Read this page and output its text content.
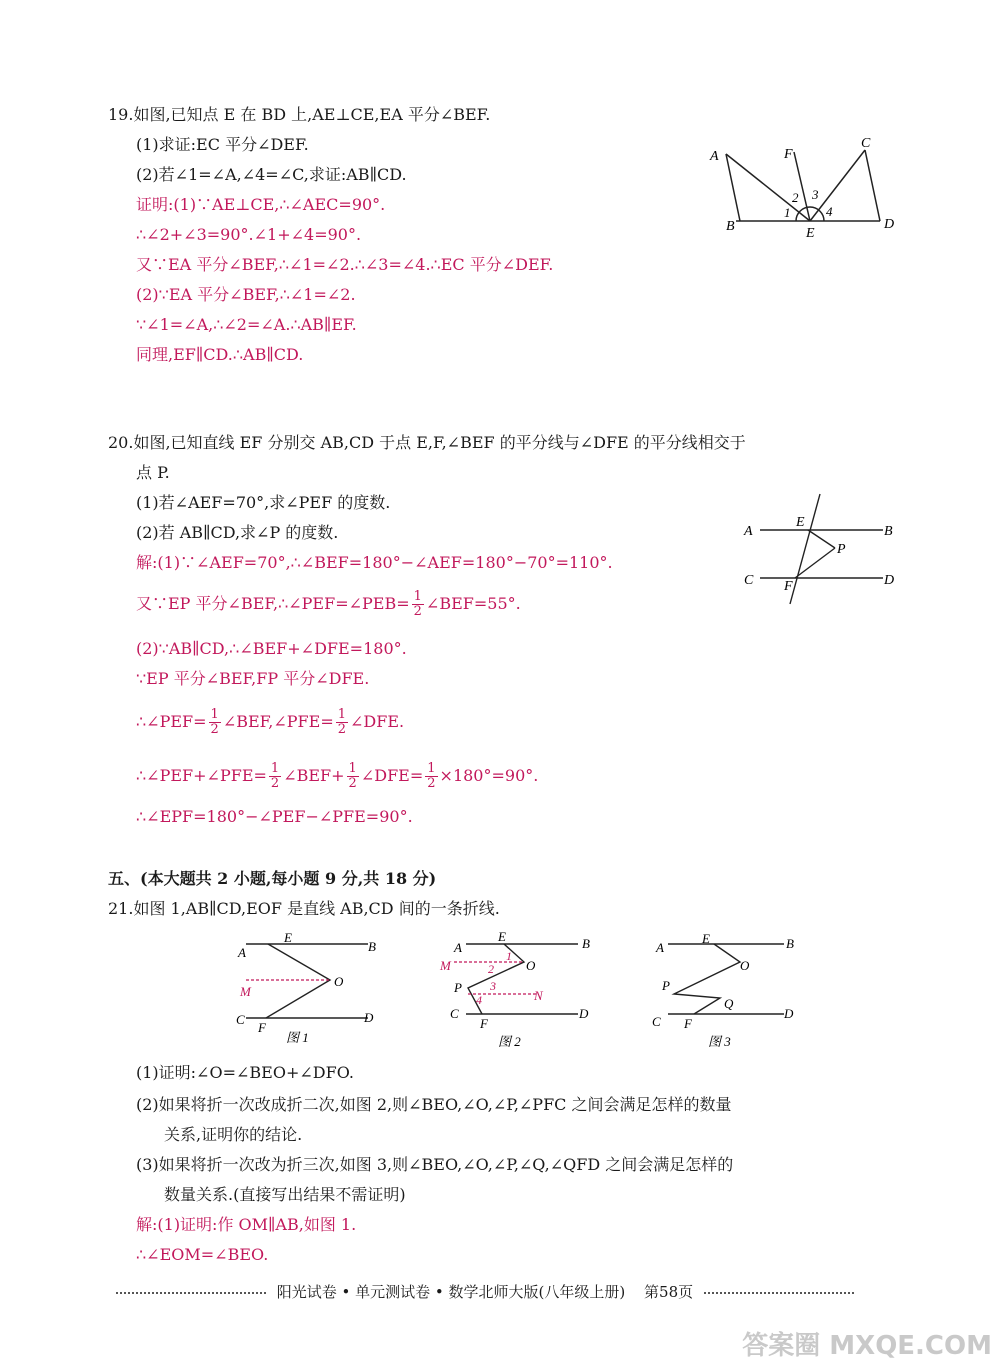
19.如图,已知点 E 在 BD 上,AE⊥CE,EA 平分∠BEF.
(1)求证:EC 平分∠DEF.
(2)若∠1=∠A,∠4=∠C,求证:AB∥CD.
证明:(1)∵AE⊥CE,∴∠AEC=90°.
∴∠2+∠3=90°.∠1+∠4=90°.
又∵EA 平分∠BEF,∴∠1=∠2.∴∠3=∠4.∴EC 平分∠DEF.
(2)∵EA 平分∠BEF,∴∠1=∠2.
∵∠1=∠A,∴∠2=∠A.∴AB∥EF.
同理,EF∥CD.∴AB∥CD.
A
B
C
D
E
F
1
2 3
4
20.如图,已知直线 EF 分别交 AB,CD 于点 E,F,∠BEF 的平分线与∠DFE 的平分线相交于
点 P.
(1)若∠AEF=70°,求∠PEF 的度数.
(2)若 AB∥CD,求∠P 的度数.
解:(1)∵∠AEF=70°,∴∠BEF=180°−∠AEF=180°−70°=110°.
又∵EP 平分∠BEF,∴∠PEF=∠PEB= $\frac{1}{2}$ ∠BEF=55°.
(2)∵AB∥CD,∴∠BEF+∠DFE=180°.
∵EP 平分∠BEF,FP 平分∠DFE.
∴∠PEF= $\frac{1}{2}$ ∠BEF,∠PFE= $\frac{1}{2}$ ∠DFE.
∴∠PEF+∠PFE= $\frac{1}{2}$ ∠BEF+ $\frac{1}{2}$ ∠DFE= $\frac{1}{2} \times 180^\circ=90^\circ$.
∴∠EPF=180°−∠PEF−∠PFE=90°.
A	B
C	D
E
F
P
五、(本大题共 2 小题,每小题 9 分,共 18 分)
21.如图 1,AB∥CD,EOF 是直线 AB,CD 间的一条折线.
A	B
C	D
E
F
O
M
图 1
A	B
C	D
E
F
O
P
M
N
1
2
3
4
图 2
A	B
C
D
E
F
O
P
Q
图 3
(1)证明:∠O=∠BEO+∠DFO.
(2)如果将折一次改成折二次,如图 2,则∠BEO,∠O,∠P,∠PFC 之间会满足怎样的数量
关系,证明你的结论.
(3)如果将折一次改为折三次,如图 3,则∠BEO,∠O,∠P,∠Q,∠QFD 之间会满足怎样的
数量关系.(直接写出结果不需证明)
解:(1)证明:作 OM∥AB,如图 1.
∴∠EOM=∠BEO.
阳光试卷 • 单元测试卷 • 数学北师大版(八年级上册) 第58页
答案圈 MXQE.COM
